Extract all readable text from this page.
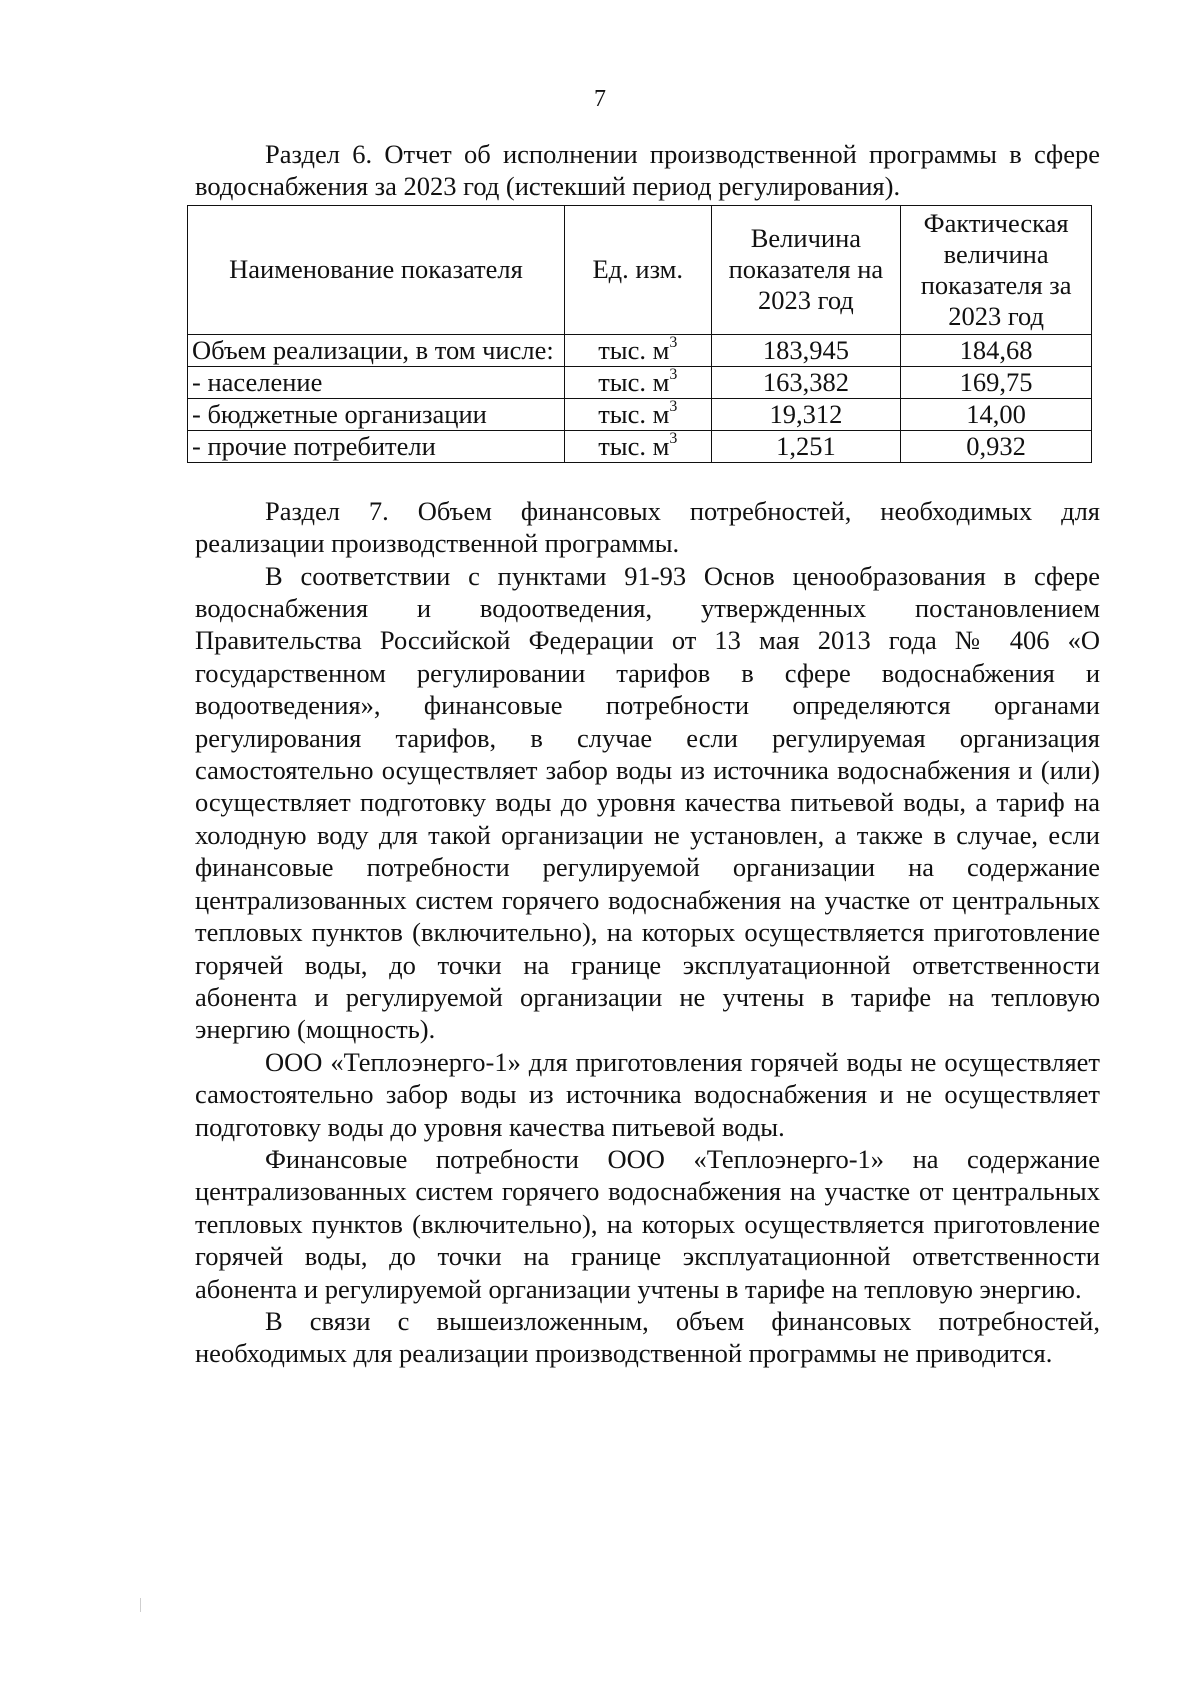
7

Раздел 6. Отчет об исполнении производственной программы в сфере водоснабжения за 2023 год (истекший период регулирования).

Наименование показателя	Ед. изм.	Величина показателя на 2023 год	Фактическая величина показателя за 2023 год
Объем реализации, в том числе:	тыс. $м^3$	183,945	184,68
- население	тыс. $м^3$	163,382	169,75
- бюджетные организации	тыс. $м^3$	19,312	14,00
- прочие потребители	тыс. $м^3$	1,251	0,932

Раздел 7. Объем финансовых потребностей, необходимых для реализации производственной программы.

В соответствии с пунктами 91-93 Основ ценообразования в сфере водоснабжения и водоотведения, утвержденных постановлением Правительства Российской Федерации от 13 мая 2013 года № 406 «О государственном регулировании тарифов в сфере водоснабжения и водоотведения», финансовые потребности определяются органами регулирования тарифов, в случае если регулируемая организация самостоятельно осуществляет забор воды из источника водоснабжения и (или) осуществляет подготовку воды до уровня качества питьевой воды, а тариф на холодную воду для такой организации не установлен, а также в случае, если финансовые потребности регулируемой организации на содержание централизованных систем горячего водоснабжения на участке от центральных тепловых пунктов (включительно), на которых осуществляется приготовление горячей воды, до точки на границе эксплуатационной ответственности абонента и регулируемой организации не учтены в тарифе на тепловую энергию (мощность).

ООО «Теплоэнерго-1» для приготовления горячей воды не осуществляет самостоятельно забор воды из источника водоснабжения и не осуществляет подготовку воды до уровня качества питьевой воды.

Финансовые потребности ООО «Теплоэнерго-1» на содержание централизованных систем горячего водоснабжения на участке от центральных тепловых пунктов (включительно), на которых осуществляется приготовление горячей воды, до точки на границе эксплуатационной ответственности абонента и регулируемой организации учтены в тарифе на тепловую энергию.

В связи с вышеизложенным, объем финансовых потребностей, необходимых для реализации производственной программы не приводится.
